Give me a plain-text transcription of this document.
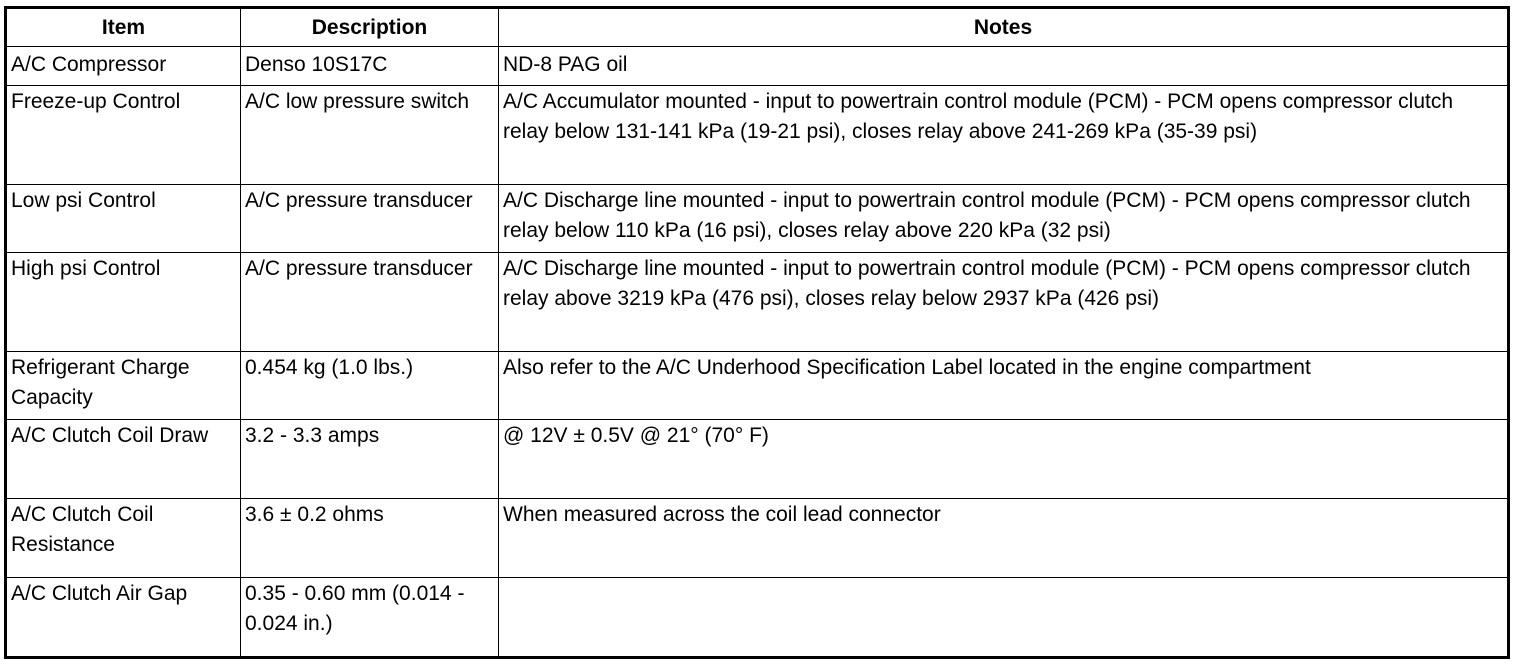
Item	Description	Notes
A/C Compressor	Denso 10S17C	ND-8 PAG oil
Freeze-up Control	A/C low pressure switch	A/C Accumulator mounted - input to powertrain control module (PCM) - PCM opens compressor clutch relay below 131-141 kPa (19-21 psi), closes relay above 241-269 kPa (35-39 psi)
Low psi Control	A/C pressure transducer	A/C Discharge line mounted - input to powertrain control module (PCM) - PCM opens compressor clutch relay below 110 kPa (16 psi), closes relay above 220 kPa (32 psi)
High psi Control	A/C pressure transducer	A/C Discharge line mounted - input to powertrain control module (PCM) - PCM opens compressor clutch relay above 3219 kPa (476 psi), closes relay below 2937 kPa (426 psi)
Refrigerant Charge Capacity	0.454 kg (1.0 lbs.)	Also refer to the A/C Underhood Specification Label located in the engine compartment
A/C Clutch Coil Draw	3.2 - 3.3 amps	@ 12V ± 0.5V @ 21° (70° F)
A/C Clutch Coil Resistance	3.6 ± 0.2 ohms	When measured across the coil lead connector
A/C Clutch Air Gap	0.35 - 0.60 mm (0.014 - 0.024 in.)	
